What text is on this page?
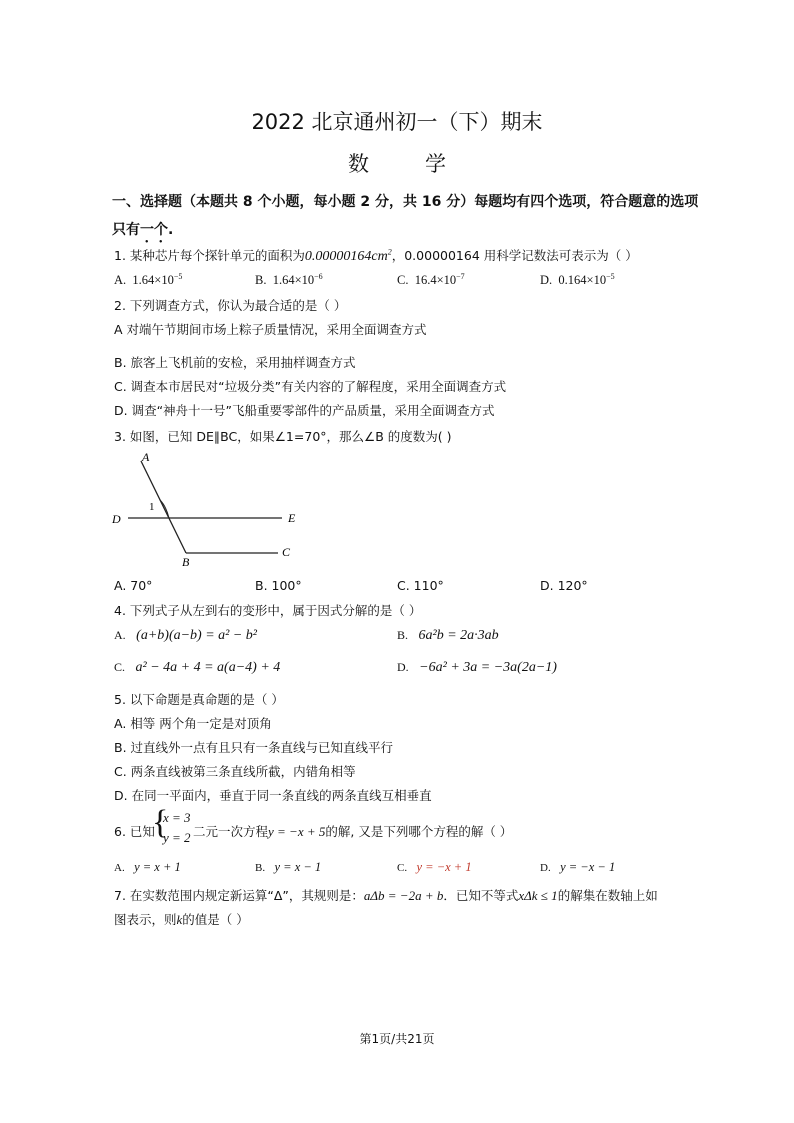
2022 北京通州初一（下）期末
数	学
一、选择题（本题共 8 个小题，每小题 2 分，共 16 分）每题均有四个选项，符合题意的选项
只有一个.
1. 某种芯片每个探针单元的面积为$0.00000164cm^2$，0.00000164 用科学记数法可表示为（ ）
A. $1.64\times 10^{-5}$	B. $1.64\times 10^{-6}$	C. $16.4\times 10^{-7}$	D. $0.164\times 10^{-5}$
2. 下列调查方式，你认为最合适的是（ ）
A 对端午节期间市场上粽子质量情况，采用全面调查方式
B. 旅客上飞机前的安检，采用抽样调查方式
C. 调查本市居民对“垃圾分类”有关内容的了解程度，采用全面调查方式
D. 调查“神舟十一号”飞船重要零部件的产品质量，采用全面调查方式
3. 如图，已知 DE∥BC，如果∠1=70°，那么∠B 的度数为( )
A
D	E
B
C
1
A. 70°	B. 100°	C. 110°	D. 120°
4. 下列式子从左到右的变形中，属于因式分解的是（ ）
A. (a+b)(a−b) = a² − b²	B. 6a²b = 2a·3ab
C. a² − 4a + 4 = a(a−4) + 4	D. −6a² + 3a = −3a(2a−1)
5. 以下命题是真命题的是（ ）
A. 相等 两个角一定是对顶角
B. 过直线外一点有且只有一条直线与已知直线平行
C. 两条直线被第三条直线所截，内错角相等
D. 在同一平面内，垂直于同一条直线的两条直线互相垂直
6. 已知
{
x = 3
y = 2 二元一次方程y = −x + 5的解, 又是下列哪个方程的解（ ）
A. y = x + 1	B. y = x − 1	C. y = −x + 1	D. y = −x − 1
7. 在实数范围内规定新运算“Δ”，其规则是：aΔb = −2a + b．已知不等式xΔk ≤ 1的解集在数轴上如
图表示，则k的值是（ ）
第1页/共21页
